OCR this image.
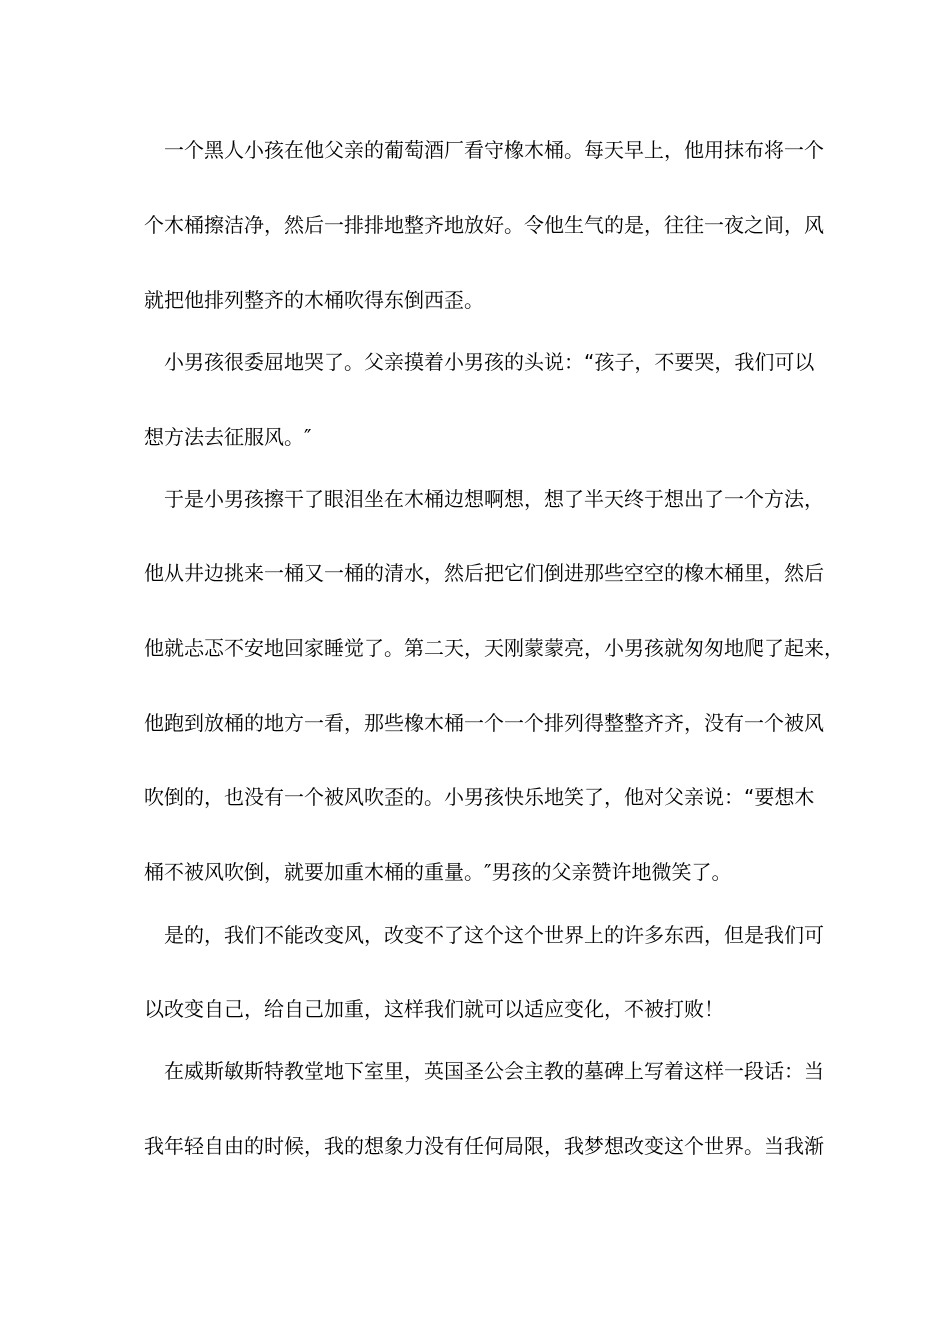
一个黑人小孩在他父亲的葡萄酒厂看守橡木桶。每天早上，他用抹布将一个
个木桶擦洁净，然后一排排地整齐地放好。令他生气的是，往往一夜之间，风
就把他排列整齐的木桶吹得东倒西歪。
小男孩很委屈地哭了。父亲摸着小男孩的头说：“孩子，不要哭，我们可以
想方法去征服风。″
于是小男孩擦干了眼泪坐在木桶边想啊想，想了半天终于想出了一个方法，
他从井边挑来一桶又一桶的清水，然后把它们倒进那些空空的橡木桶里，然后
他就忐忑不安地回家睡觉了。第二天，天刚蒙蒙亮，小男孩就匆匆地爬了起来，
他跑到放桶的地方一看，那些橡木桶一个一个排列得整整齐齐，没有一个被风
吹倒的，也没有一个被风吹歪的。小男孩快乐地笑了，他对父亲说：“要想木
桶不被风吹倒，就要加重木桶的重量。″男孩的父亲赞许地微笑了。
是的，我们不能改变风，改变不了这个这个世界上的许多东西，但是我们可
以改变自己，给自己加重，这样我们就可以适应变化，不被打败！
在威斯敏斯特教堂地下室里，英国圣公会主教的墓碑上写着这样一段话：当
我年轻自由的时候，我的想象力没有任何局限，我梦想改变这个世界。当我渐
